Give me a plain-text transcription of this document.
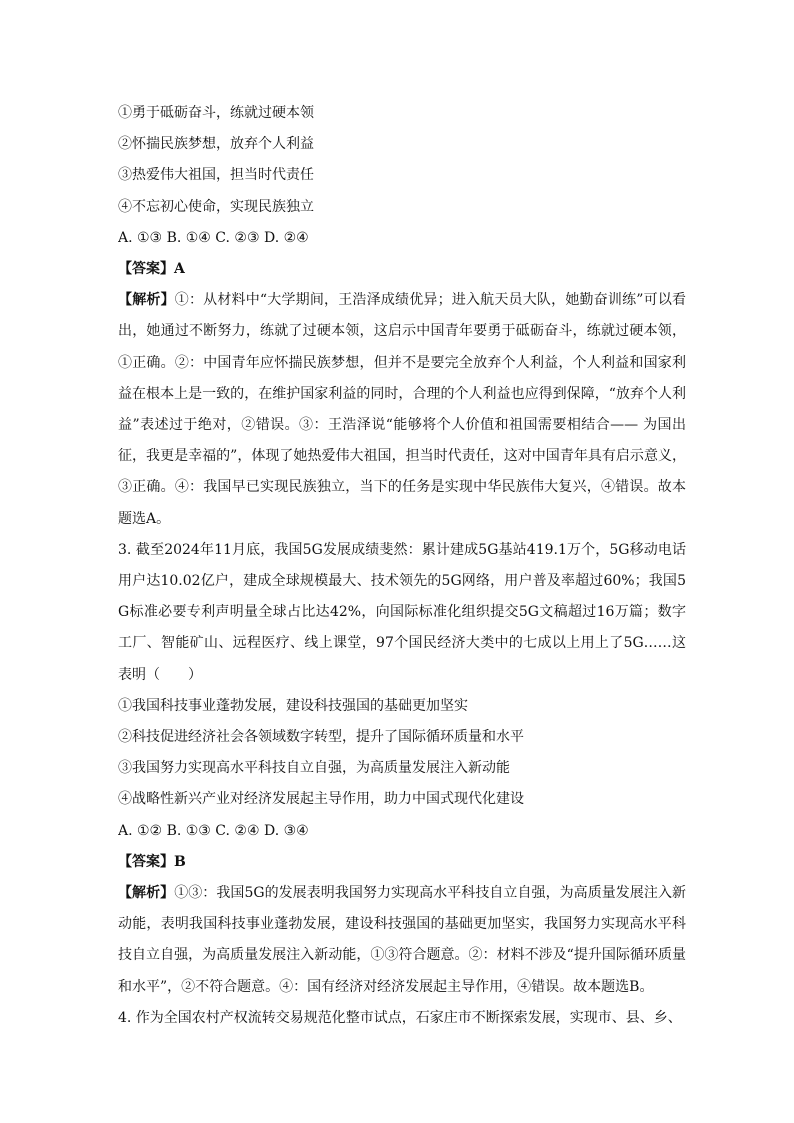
①勇于砥砺奋斗，练就过硬本领
②怀揣民族梦想，放弃个人利益
③热爱伟大祖国，担当时代责任
④不忘初心使命，实现民族独立
A. ①③ B. ①④ C. ②③ D. ②④
【答案】A
【解析】①：从材料中“大学期间，王浩泽成绩优异；进入航天员大队，她勤奋训练”可以看出，她通过不断努力，练就了过硬本领，这启示中国青年要勇于砥砺奋斗，练就过硬本领，①正确。②：中国青年应怀揣民族梦想，但并不是要完全放弃个人利益，个人利益和国家利益在根本上是一致的，在维护国家利益的同时，合理的个人利益也应得到保障，“放弃个人利益”表述过于绝对，②错误。③：王浩泽说“能够将个人价值和祖国需要相结合—— 为国出征，我更是幸福的”，体现了她热爱伟大祖国，担当时代责任，这对中国青年具有启示意义，③正确。④：我国早已实现民族独立，当下的任务是实现中华民族伟大复兴，④错误。故本题选A。
3. 截至2024年11月底，我国5G发展成绩斐然：累计建成5G基站419.1万个，5G移动电话用户达10.02亿户，建成全球规模最大、技术领先的5G网络，用户普及率超过60%；我国5G标准必要专利声明量全球占比达42%，向国际标准化组织提交5G文稿超过16万篇；数字工厂、智能矿山、远程医疗、线上课堂，97个国民经济大类中的七成以上用上了5G……这表明（　　）
①我国科技事业蓬勃发展，建设科技强国的基础更加坚实
②科技促进经济社会各领域数字转型，提升了国际循环质量和水平
③我国努力实现高水平科技自立自强，为高质量发展注入新动能
④战略性新兴产业对经济发展起主导作用，助力中国式现代化建设
A. ①② B. ①③ C. ②④ D. ③④
【答案】B
【解析】①③：我国5G的发展表明我国努力实现高水平科技自立自强，为高质量发展注入新动能，表明我国科技事业蓬勃发展，建设科技强国的基础更加坚实，我国努力实现高水平科技自立自强，为高质量发展注入新动能，①③符合题意。②：材料不涉及“提升国际循环质量和水平”，②不符合题意。④：国有经济对经济发展起主导作用，④错误。故本题选B。
4. 作为全国农村产权流转交易规范化整市试点，石家庄市不断探索发展，实现市、县、乡、
